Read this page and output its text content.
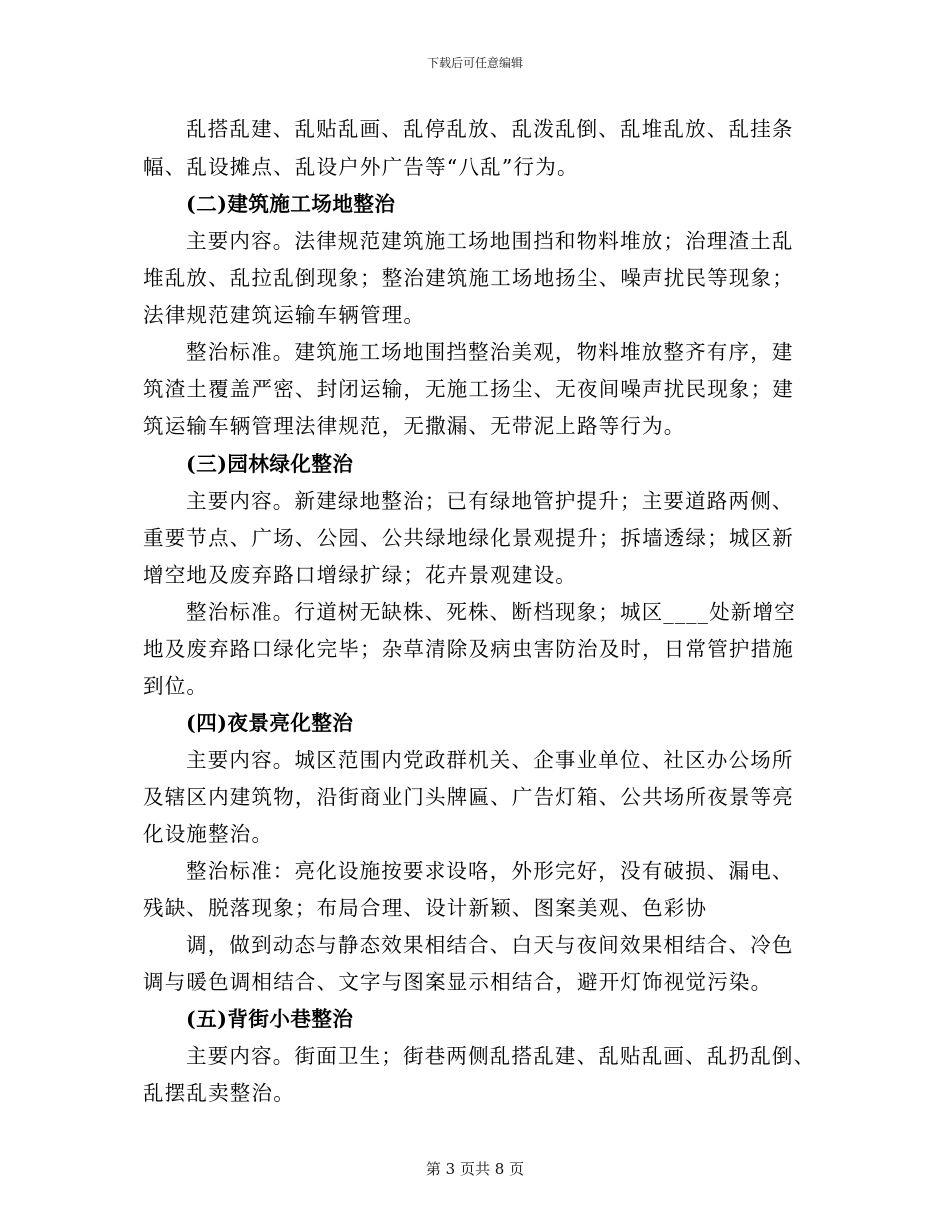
下载后可任意编辑
乱搭乱建、乱贴乱画、乱停乱放、乱泼乱倒、乱堆乱放、乱挂条
幅、乱设摊点、乱设户外广告等“八乱”行为。
(二)建筑施工场地整治
主要内容。法律规范建筑施工场地围挡和物料堆放；治理渣土乱
堆乱放、乱拉乱倒现象；整治建筑施工场地扬尘、噪声扰民等现象；
法律规范建筑运输车辆管理。
整治标准。建筑施工场地围挡整治美观，物料堆放整齐有序，建
筑渣土覆盖严密、封闭运输，无施工扬尘、无夜间噪声扰民现象；建
筑运输车辆管理法律规范，无撒漏、无带泥上路等行为。
(三)园林绿化整治
主要内容。新建绿地整治；已有绿地管护提升；主要道路两侧、
重要节点、广场、公园、公共绿地绿化景观提升；拆墙透绿；城区新
增空地及废弃路口增绿扩绿；花卉景观建设。
整治标准。行道树无缺株、死株、断档现象；城区____处新增空
地及废弃路口绿化完毕；杂草清除及病虫害防治及时，日常管护措施
到位。
(四)夜景亮化整治
主要内容。城区范围内党政群机关、企事业单位、社区办公场所
及辖区内建筑物，沿街商业门头牌匾、广告灯箱、公共场所夜景等亮
化设施整治。
整治标准：亮化设施按要求设咯，外形完好，没有破损、漏电、
残缺、脱落现象；布局合理、设计新颖、图案美观、色彩协
调，做到动态与静态效果相结合、白天与夜间效果相结合、冷色
调与暖色调相结合、文字与图案显示相结合，避开灯饰视觉污染。
(五)背街小巷整治
主要内容。街面卫生；街巷两侧乱搭乱建、乱贴乱画、乱扔乱倒、
乱摆乱卖整治。
第 3 页共 8 页
